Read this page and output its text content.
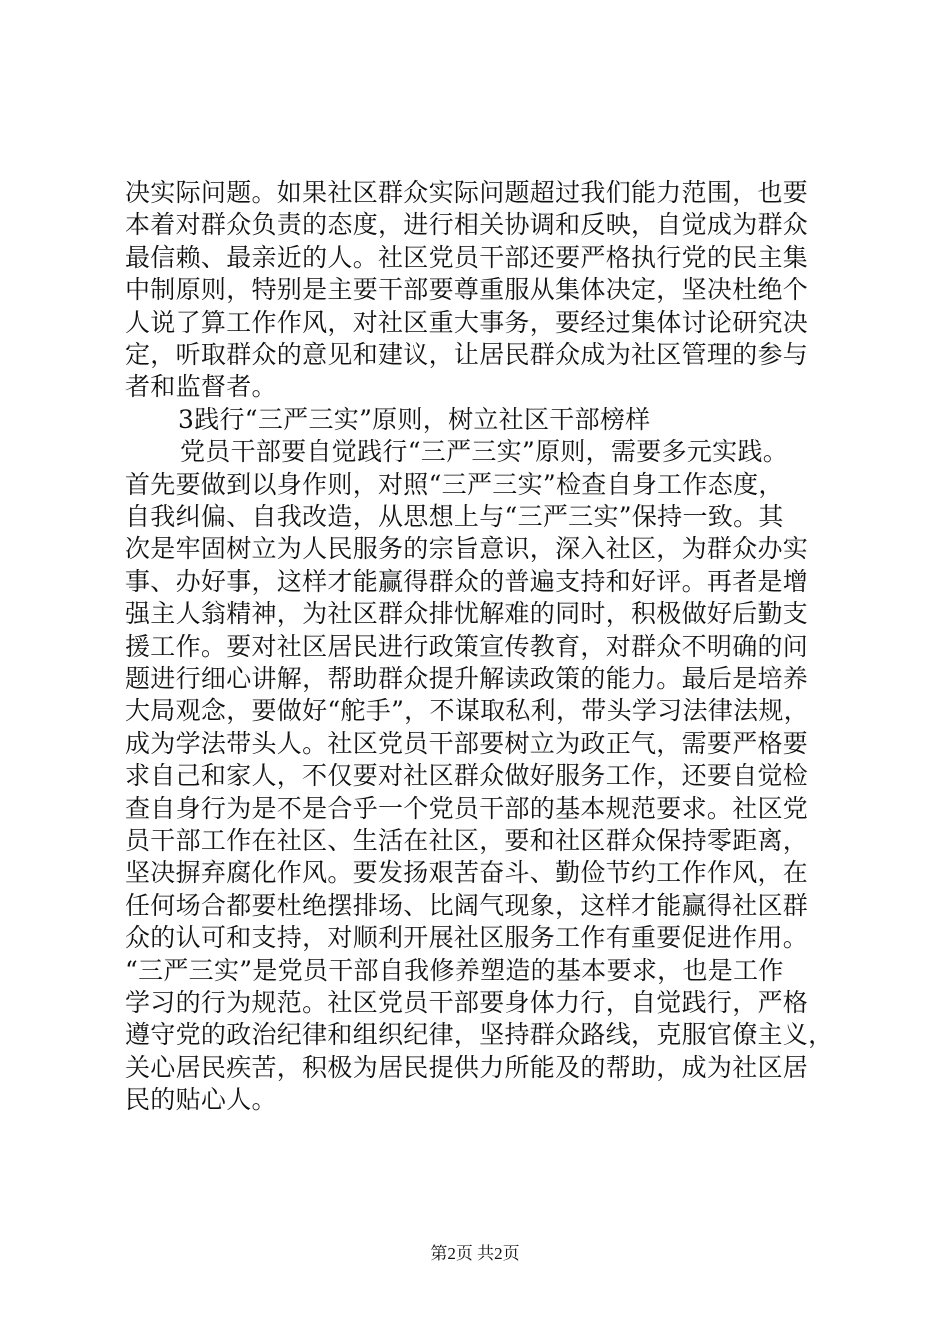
决实际问题。如果社区群众实际问题超过我们能力范围，也要
本着对群众负责的态度，进行相关协调和反映，自觉成为群众
最信赖、最亲近的人。社区党员干部还要严格执行党的民主集
中制原则，特别是主要干部要尊重服从集体决定，坚决杜绝个
人说了算工作作风，对社区重大事务，要经过集体讨论研究决
定，听取群众的意见和建议，让居民群众成为社区管理的参与
者和监督者。
3践行“三严三实”原则，树立社区干部榜样
党员干部要自觉践行“三严三实”原则，需要多元实践。
首先要做到以身作则，对照“三严三实”检查自身工作态度，
自我纠偏、自我改造，从思想上与“三严三实”保持一致。其
次是牢固树立为人民服务的宗旨意识，深入社区，为群众办实
事、办好事，这样才能赢得群众的普遍支持和好评。再者是增
强主人翁精神，为社区群众排忧解难的同时，积极做好后勤支
援工作。要对社区居民进行政策宣传教育，对群众不明确的问
题进行细心讲解，帮助群众提升解读政策的能力。最后是培养
大局观念，要做好“舵手”，不谋取私利，带头学习法律法规，
成为学法带头人。社区党员干部要树立为政正气，需要严格要
求自己和家人，不仅要对社区群众做好服务工作，还要自觉检
查自身行为是不是合乎一个党员干部的基本规范要求。社区党
员干部工作在社区、生活在社区，要和社区群众保持零距离，
坚决摒弃腐化作风。要发扬艰苦奋斗、勤俭节约工作作风，在
任何场合都要杜绝摆排场、比阔气现象，这样才能赢得社区群
众的认可和支持，对顺利开展社区服务工作有重要促进作用。
“三严三实”是党员干部自我修养塑造的基本要求，也是工作
学习的行为规范。社区党员干部要身体力行，自觉践行，严格
遵守党的政治纪律和组织纪律，坚持群众路线，克服官僚主义，
关心居民疾苦，积极为居民提供力所能及的帮助，成为社区居
民的贴心人。
第2页 共2页
